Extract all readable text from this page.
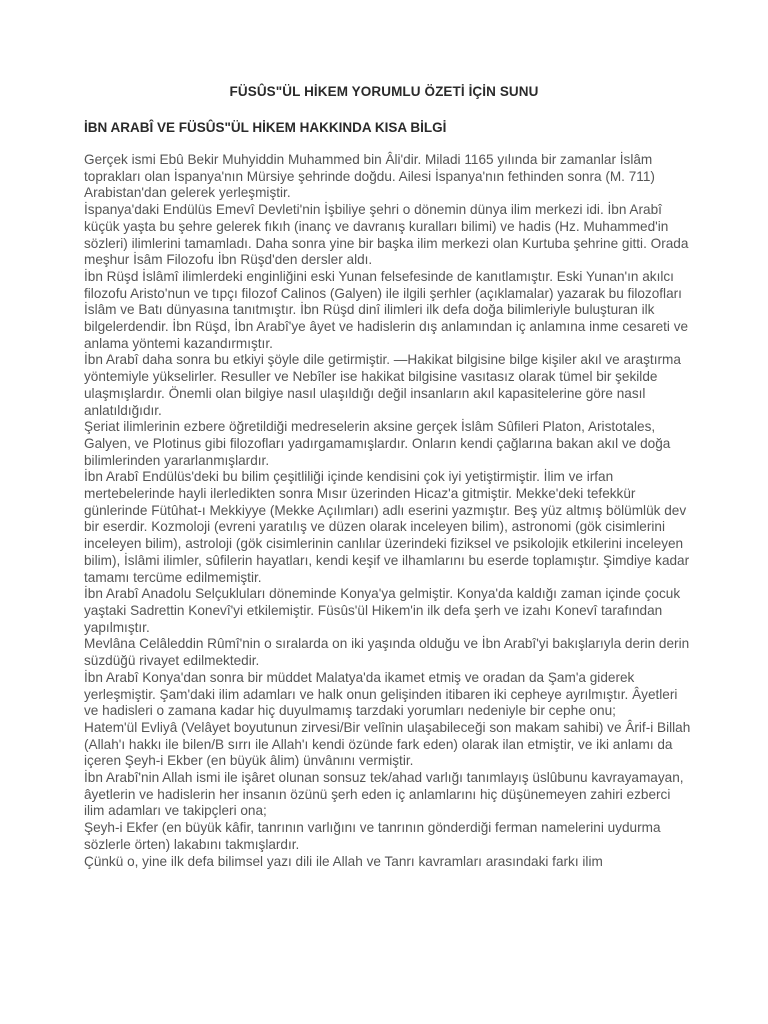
FÜSÛS"ÜL HİKEM YORUMLU ÖZETİ İÇİN SUNU
İBN ARABÎ VE FÜSÛS"ÜL HİKEM HAKKINDA KISA BİLGİ

Gerçek ismi Ebû Bekir Muhyiddin Muhammed bin Âli'dir. Miladi 1165 yılında bir zamanlar İslâm toprakları olan İspanya'nın Mürsiye şehrinde doğdu. Ailesi İspanya'nın fethinden sonra (M. 711) Arabistan'dan gelerek yerleşmiştir.

İspanya'daki Endülüs Emevî Devleti'nin İşbiliye şehri o dönemin dünya ilim merkezi idi. İbn Arabî küçük yaşta bu şehre gelerek fıkıh (inanç ve davranış kuralları bilimi) ve hadis (Hz. Muhammed'in sözleri) ilimlerini tamamladı. Daha sonra yine bir başka ilim merkezi olan Kurtuba şehrine gitti. Orada meşhur İsâm Filozofu İbn Rüşd'den dersler aldı.

İbn Rüşd İslâmî ilimlerdeki enginliğini eski Yunan felsefesinde de kanıtlamıştır. Eski Yunan'ın akılcı filozofu Aristo'nun ve tıpçı filozof Calinos (Galyen) ile ilgili şerhler (açıklamalar) yazarak bu filozofları İslâm ve Batı dünyasına tanıtmıştır. İbn Rüşd dinî ilimleri ilk defa doğa bilimleriyle buluşturan ilk bilgelerdendir. İbn Rüşd, İbn Arabî'ye âyet ve hadislerin dış anlamından iç anlamına inme cesareti ve anlama yöntemi kazandırmıştır.

İbn Arabî daha sonra bu etkiyi şöyle dile getirmiştir. —Hakikat bilgisine bilge kişiler akıl ve araştırma yöntemiyle yükselirler. Resuller ve Nebîler ise hakikat bilgisine vasıtasız olarak tümel bir şekilde ulaşmışlardır. Önemli olan bilgiye nasıl ulaşıldığı değil insanların akıl kapasitelerine göre nasıl anlatıldığıdır.

Şeriat ilimlerinin ezbere öğretildiği medreselerin aksine gerçek İslâm Sûfileri Platon, Aristotales, Galyen, ve Plotinus gibi filozofları yadırgamamışlardır. Onların kendi çağlarına bakan akıl ve doğa bilimlerinden yararlanmışlardır.

İbn Arabî Endülüs'deki bu bilim çeşitliliği içinde kendisini çok iyi yetiştirmiştir. İlim ve irfan mertebelerinde hayli ilerledikten sonra Mısır üzerinden Hicaz'a gitmiştir. Mekke'deki tefekkür günlerinde Fütûhat-ı Mekkiyye (Mekke Açılımları) adlı eserini yazmıştır. Beş yüz altmış bölümlük dev bir eserdir. Kozmoloji (evreni yaratılış ve düzen olarak inceleyen bilim), astronomi (gök cisimlerini inceleyen bilim), astroloji (gök cisimlerinin canlılar üzerindeki fiziksel ve psikolojik etkilerini inceleyen bilim), İslâmi ilimler, sûfilerin hayatları, kendi keşif ve ilhamlarını bu eserde toplamıştır. Şimdiye kadar tamamı tercüme edilmemiştir.

İbn Arabî Anadolu Selçukluları döneminde Konya'ya gelmiştir. Konya'da kaldığı zaman içinde çocuk yaştaki Sadrettin Konevî'yi etkilemiştir. Füsûs'ül Hikem'in ilk defa şerh ve izahı Konevî tarafından yapılmıştır.

Mevlâna Celâleddin Rûmî'nin o sıralarda on iki yaşında olduğu ve İbn Arabî'yi bakışlarıyla derin derin süzdüğü rivayet edilmektedir.

İbn Arabî Konya'dan sonra bir müddet Malatya'da ikamet etmiş ve oradan da Şam'a giderek yerleşmiştir. Şam'daki ilim adamları ve halk onun gelişinden itibaren iki cepheye ayrılmıştır. Âyetleri ve hadisleri o zamana kadar hiç duyulmamış tarzdaki yorumları nedeniyle bir cephe onu;

Hatem'ül Evliyâ (Velâyet boyutunun zirvesi/Bir velînin ulaşabileceği son makam sahibi) ve Ârif-i Billah (Allah'ı hakkı ile bilen/B sırrı ile Allah'ı kendi özünde fark eden) olarak ilan etmiştir, ve iki anlamı da içeren Şeyh-i Ekber (en büyük âlim) ünvânını vermiştir.

İbn Arabî'nin Allah ismi ile işâret olunan sonsuz tek/ahad varlığı tanımlayış üslûbunu kavrayamayan, âyetlerin ve hadislerin her insanın özünü şerh eden iç anlamlarını hiç düşünemeyen zahiri ezberci ilim adamları ve takipçleri ona;

Şeyh-i Ekfer (en büyük kâfir, tanrının varlığını ve tanrının gönderdiği ferman namelerini uydurma sözlerle örten) lakabını takmışlardır.

Çünkü o, yine ilk defa bilimsel yazı dili ile Allah ve Tanrı kavramları arasındaki farkı ilim
